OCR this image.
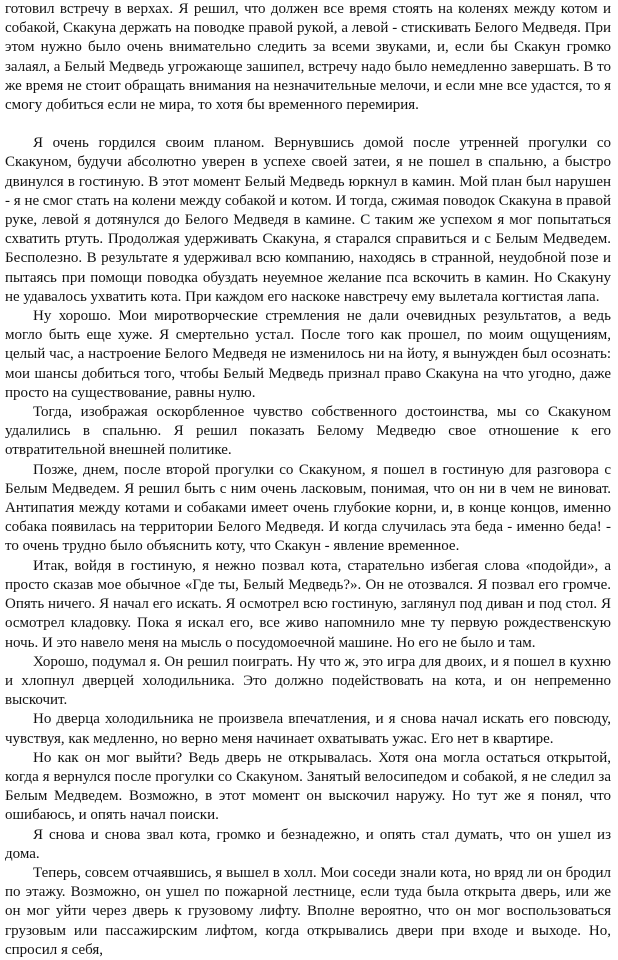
готовил встречу в верхах. Я решил, что должен все время стоять на коленях между котом и собакой, Скакуна держать на поводке правой рукой, а левой - стискивать Белого Медведя. При этом нужно было очень внимательно следить за всеми звуками, и, если бы Скакун громко залаял, а Белый Медведь угрожающе зашипел, встречу надо было немедленно завершать. В то же время не стоит обращать внимания на незначительные мелочи, и если мне все удастся, то я смогу добиться если не мира, то хотя бы временного перемирия.

Я очень гордился своим планом. Вернувшись домой после утренней прогулки со Скакуном, будучи абсолютно уверен в успехе своей затеи, я не пошел в спальню, а быстро двинулся в гостиную. В этот момент Белый Медведь юркнул в камин. Мой план был нарушен - я не смог стать на колени между собакой и котом. И тогда, сжимая поводок Скакуна в правой руке, левой я дотянулся до Белого Медведя в камине. С таким же успехом я мог попытаться схватить ртуть. Продолжая удерживать Скакуна, я старался справиться и с Белым Медведем. Бесполезно. В результате я удерживал всю компанию, находясь в странной, неудобной позе и пытаясь при помощи поводка обуздать неуемное желание пса вскочить в камин. Но Скакуну не удавалось ухватить кота. При каждом его наскоке навстречу ему вылетала когтистая лапа.

Ну хорошо. Мои миротворческие стремления не дали очевидных результатов, а ведь могло быть еще хуже. Я смертельно устал. После того как прошел, по моим ощущениям, целый час, а настроение Белого Медведя не изменилось ни на йоту, я вынужден был осознать: мои шансы добиться того, чтобы Белый Медведь признал право Скакуна на что угодно, даже просто на существование, равны нулю.

Тогда, изображая оскорбленное чувство собственного достоинства, мы со Скакуном удалились в спальню. Я решил показать Белому Медведю свое отношение к его отвратительной внешней политике.

Позже, днем, после второй прогулки со Скакуном, я пошел в гостиную для разговора с Белым Медведем. Я решил быть с ним очень ласковым, понимая, что он ни в чем не виноват. Антипатия между котами и собаками имеет очень глубокие корни, и, в конце концов, именно собака появилась на территории Белого Медведя. И когда случилась эта беда - именно беда! - то очень трудно было объяснить коту, что Скакун - явление временное.

Итак, войдя в гостиную, я нежно позвал кота, старательно избегая слова «подойди», а просто сказав мое обычное «Где ты, Белый Медведь?». Он не отозвался. Я позвал его громче. Опять ничего. Я начал его искать. Я осмотрел всю гостиную, заглянул под диван и под стол. Я осмотрел кладовку. Пока я искал его, все живо напомнило мне ту первую рождественскую ночь. И это навело меня на мысль о посудомоечной машине. Но его не было и там.

Хорошо, подумал я. Он решил поиграть. Ну что ж, это игра для двоих, и я пошел в кухню и хлопнул дверцей холодильника. Это должно подействовать на кота, и он непременно выскочит.

Но дверца холодильника не произвела впечатления, и я снова начал искать его повсюду, чувствуя, как медленно, но верно меня начинает охватывать ужас. Его нет в квартире.

Но как он мог выйти? Ведь дверь не открывалась. Хотя она могла остаться открытой, когда я вернулся после прогулки со Скакуном. Занятый велосипедом и собакой, я не следил за Белым Медведем. Возможно, в этот момент он выскочил наружу. Но тут же я понял, что ошибаюсь, и опять начал поиски.

Я снова и снова звал кота, громко и безнадежно, и опять стал думать, что он ушел из дома.

Теперь, совсем отчаявшись, я вышел в холл. Мои соседи знали кота, но вряд ли он бродил по этажу. Возможно, он ушел по пожарной лестнице, если туда была открыта дверь, или же он мог уйти через дверь к грузовому лифту. Вполне вероятно, что он мог воспользоваться грузовым или пассажирским лифтом, когда открывались двери при входе и выходе. Но, спросил я себя,
